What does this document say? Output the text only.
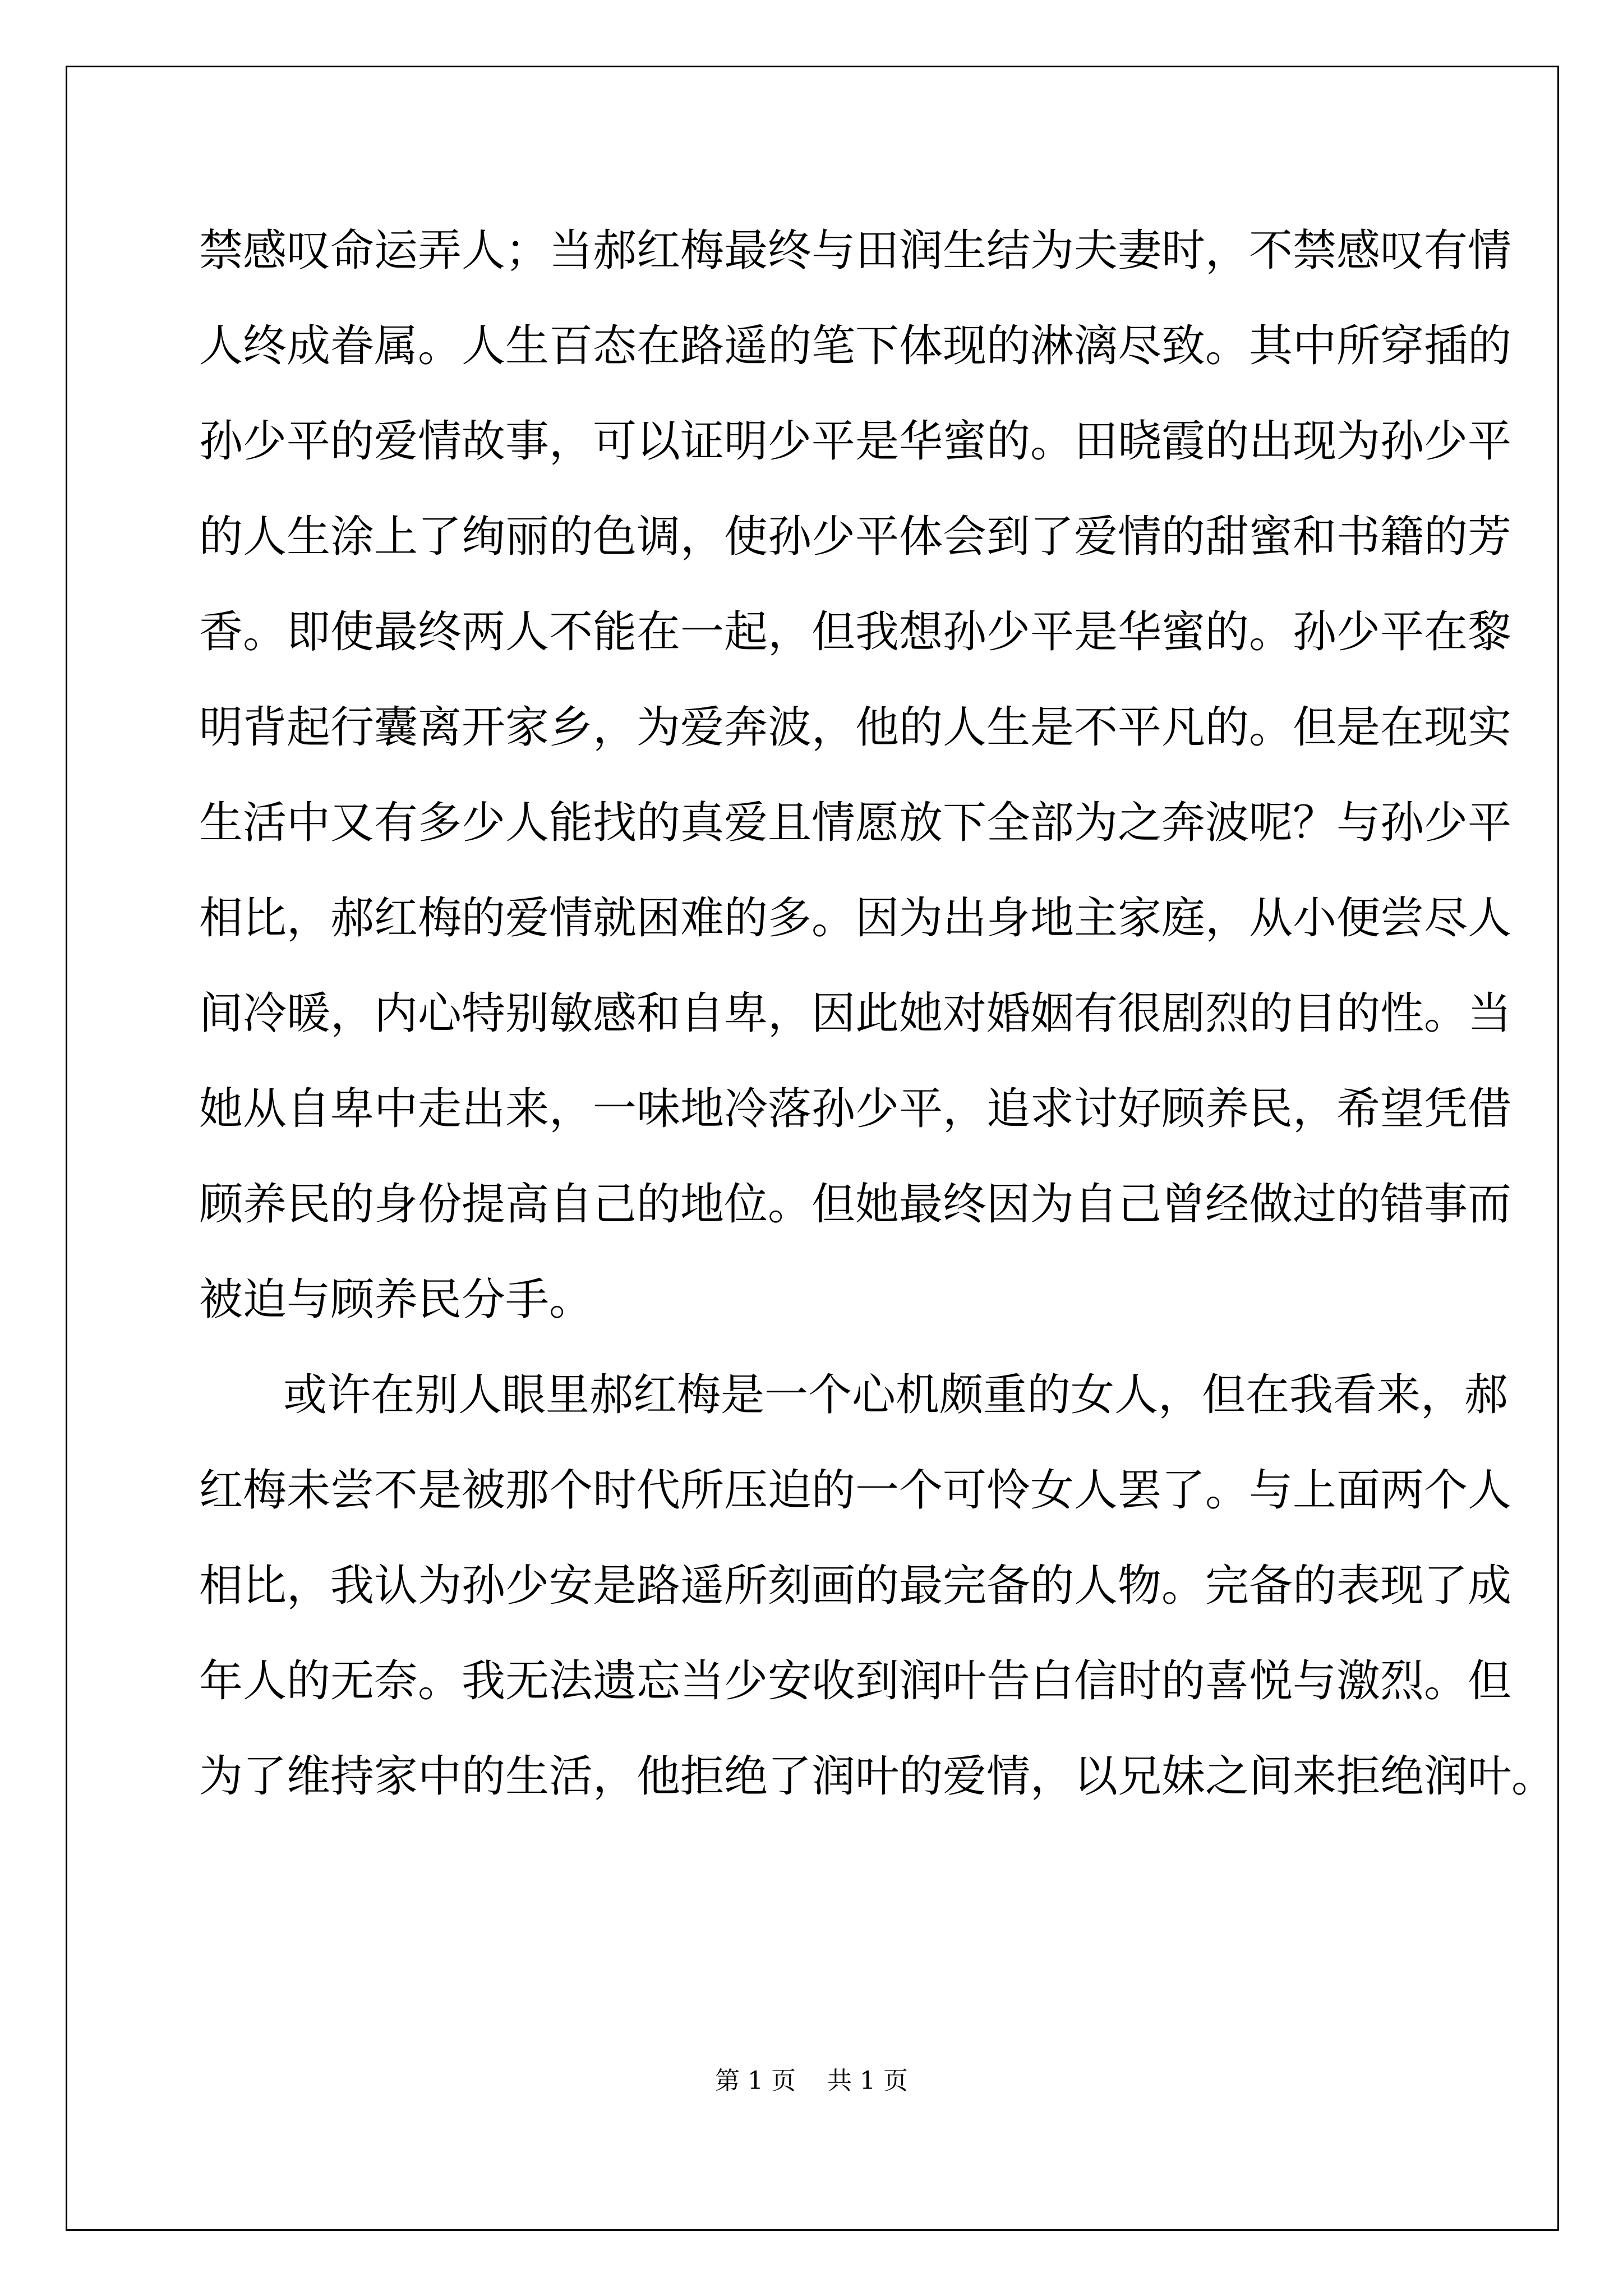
禁感叹命运弄人；当郝红梅最终与田润生结为夫妻时，不禁感叹有情
人终成眷属。人生百态在路遥的笔下体现的淋漓尽致。其中所穿插的
孙少平的爱情故事，可以证明少平是华蜜的。田晓霞的出现为孙少平
的人生涂上了绚丽的色调，使孙少平体会到了爱情的甜蜜和书籍的芳
香。即使最终两人不能在一起，但我想孙少平是华蜜的。孙少平在黎
明背起行囊离开家乡，为爱奔波，他的人生是不平凡的。但是在现实
生活中又有多少人能找的真爱且情愿放下全部为之奔波呢？与孙少平
相比，郝红梅的爱情就困难的多。因为出身地主家庭，从小便尝尽人
间冷暖，内心特别敏感和自卑，因此她对婚姻有很剧烈的目的性。当
她从自卑中走出来，一味地冷落孙少平，追求讨好顾养民，希望凭借
顾养民的身份提高自己的地位。但她最终因为自己曾经做过的错事而
被迫与顾养民分手。
或许在别人眼里郝红梅是一个心机颇重的女人，但在我看来，郝
红梅未尝不是被那个时代所压迫的一个可怜女人罢了。与上面两个人
相比，我认为孙少安是路遥所刻画的最完备的人物。完备的表现了成
年人的无奈。我无法遗忘当少安收到润叶告白信时的喜悦与激烈。但
为了维持家中的生活，他拒绝了润叶的爱情，以兄妹之间来拒绝润叶。
第 1 页    共 1 页
